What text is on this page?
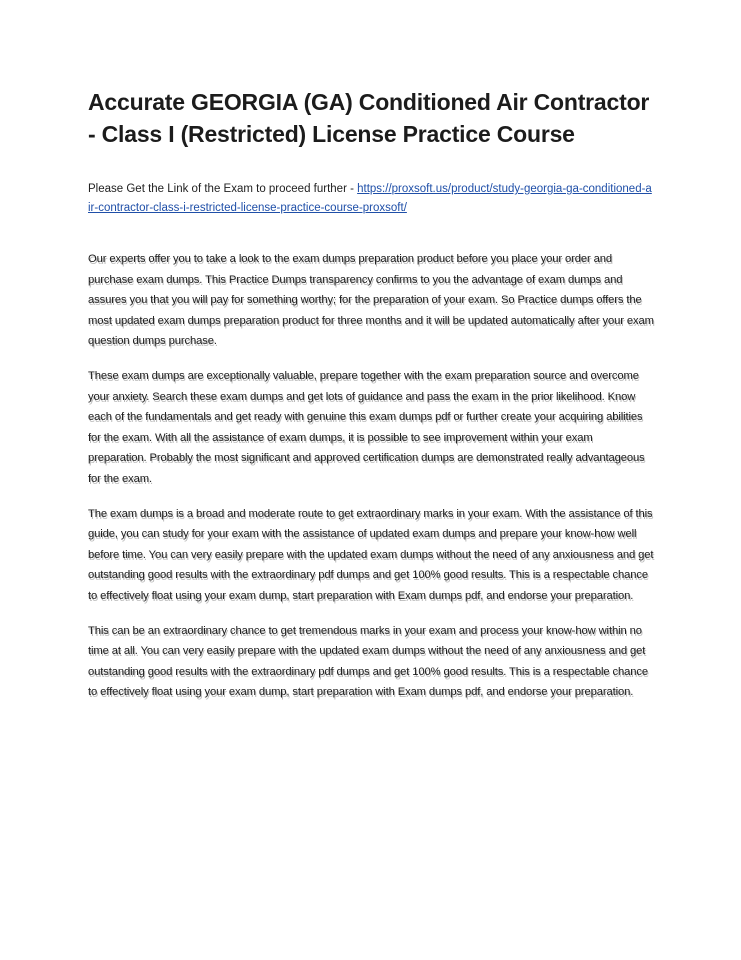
Accurate GEORGIA (GA) Conditioned Air Contractor - Class I (Restricted) License Practice Course
Please Get the Link of the Exam to proceed further - https://proxsoft.us/product/study-georgia-ga-conditioned-air-contractor-class-i-restricted-license-practice-course-proxsoft/

Our experts offer you to take a look to the exam dumps preparation product before you place your order and purchase exam dumps. This Practice Dumps transparency confirms to you the advantage of exam dumps and assures you that you will pay for something worthy; for the preparation of your exam. So Practice dumps offers the most updated exam dumps preparation product for three months and it will be updated automatically after your exam question dumps purchase.

These exam dumps are exceptionally valuable, prepare together with the exam preparation source and overcome your anxiety. Search these exam dumps and get lots of guidance and pass the exam in the prior likelihood. Know each of the fundamentals and get ready with genuine this exam dumps pdf or further create your acquiring abilities for the exam. With all the assistance of exam dumps, it is possible to see improvement within your exam preparation. Probably the most significant and approved certification dumps are demonstrated really advantageous for the exam.

The exam dumps is a broad and moderate route to get extraordinary marks in your exam. With the assistance of this guide, you can study for your exam with the assistance of updated exam dumps and prepare your know-how well before time. You can very easily prepare with the updated exam dumps without the need of any anxiousness and get outstanding good results with the extraordinary pdf dumps and get 100% good results. This is a respectable chance to effectively float using your exam dump, start preparation with Exam dumps pdf, and endorse your preparation.

This can be an extraordinary chance to get tremendous marks in your exam and process your know-how within no time at all. You can very easily prepare with the updated exam dumps without the need of any anxiousness and get outstanding good results with the extraordinary pdf dumps and get 100% good results. This is a respectable chance to effectively float using your exam dump, start preparation with Exam dumps pdf, and endorse your preparation.
